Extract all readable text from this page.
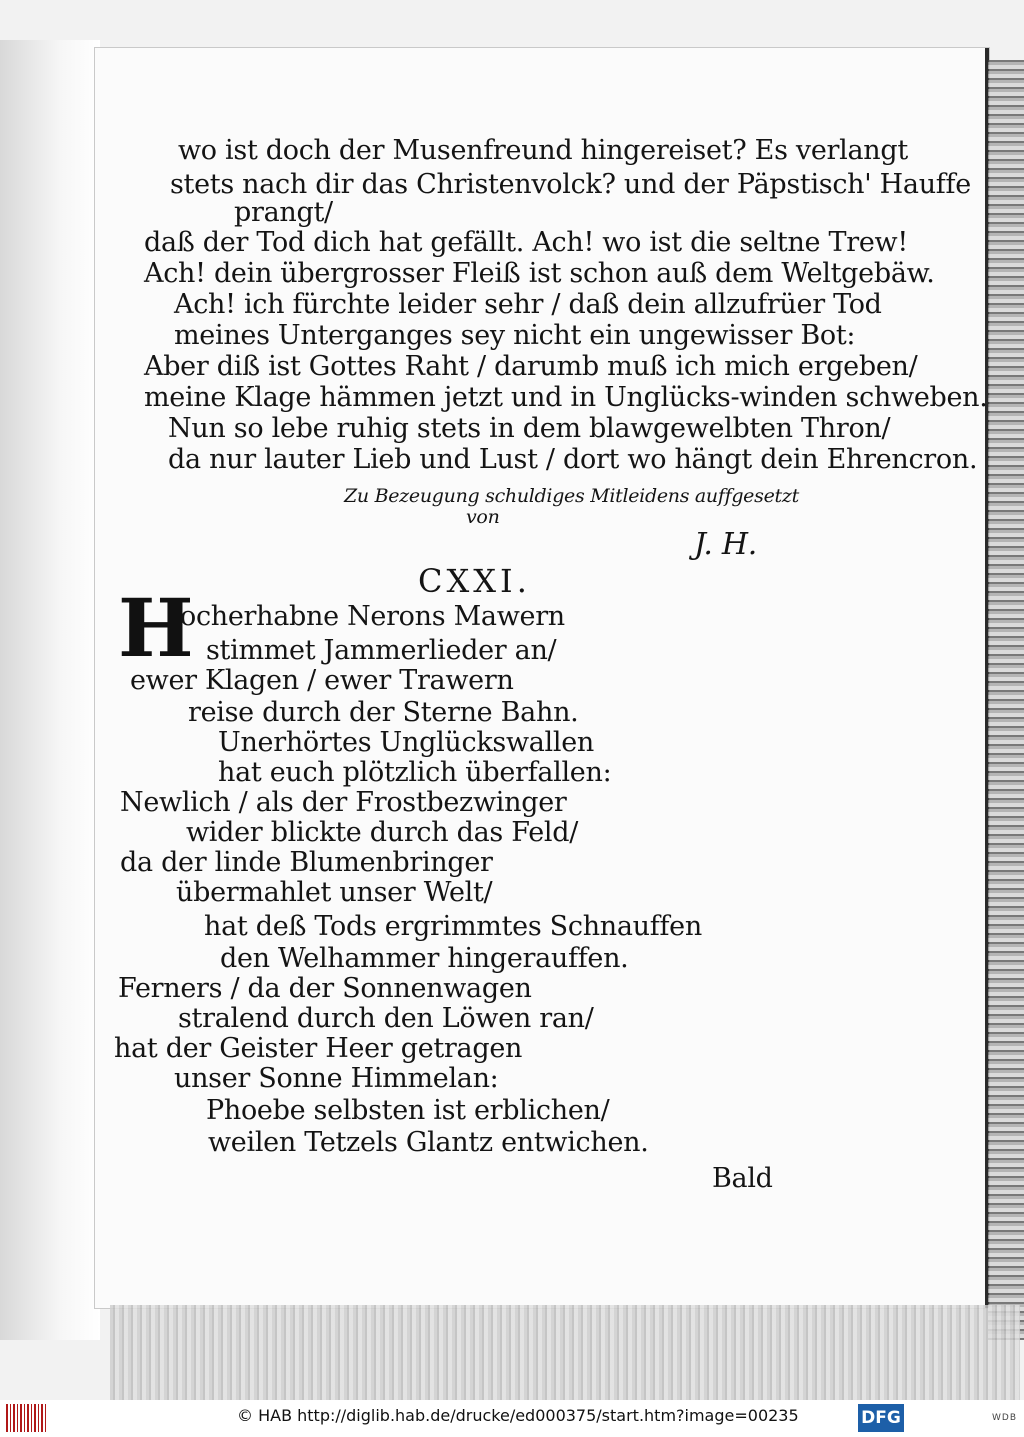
wo ist doch der Musenfreund hingereiset? Es verlangt
stets nach dir das Christenvolck? und der Päpstisch' Hauffe
prangt/
daß der Tod dich hat gefällt. Ach! wo ist die seltne Trew!
Ach! dein übergrosser Fleiß ist schon auß dem Weltgebäw.
Ach! ich fürchte leider sehr / daß dein allzufrüer Tod
meines Unterganges sey nicht ein ungewisser Bot:
Aber diß ist Gottes Raht / darumb muß ich mich ergeben/
meine Klage hämmen jetzt und in Unglücks-winden schweben.
Nun so lebe ruhig stets in dem blawgewelbten Thron/
da nur lauter Lieb und Lust / dort wo hängt dein Ehrencron.
Zu Bezeugung schuldiges Mitleidens auffgesetzt
von
J. H.
CXXI.
H
ocherhabne Nerons Mawern
stimmet Jammerlieder an/
ewer Klagen / ewer Trawern
reise durch der Sterne Bahn.
Unerhörtes Unglückswallen
hat euch plötzlich überfallen:
Newlich / als der Frostbezwinger
wider blickte durch das Feld/
da der linde Blumenbringer
übermahlet unser Welt/
hat deß Tods ergrimmtes Schnauffen
den Welhammer hingerauffen.
Ferners / da der Sonnenwagen
stralend durch den Löwen ran/
hat der Geister Heer getragen
unser Sonne Himmelan:
Phoebe selbsten ist erblichen/
weilen Tetzels Glantz entwichen.
Bald
© HAB http://diglib.hab.de/drucke/ed000375/start.htm?image=00235	DFG	WDB
